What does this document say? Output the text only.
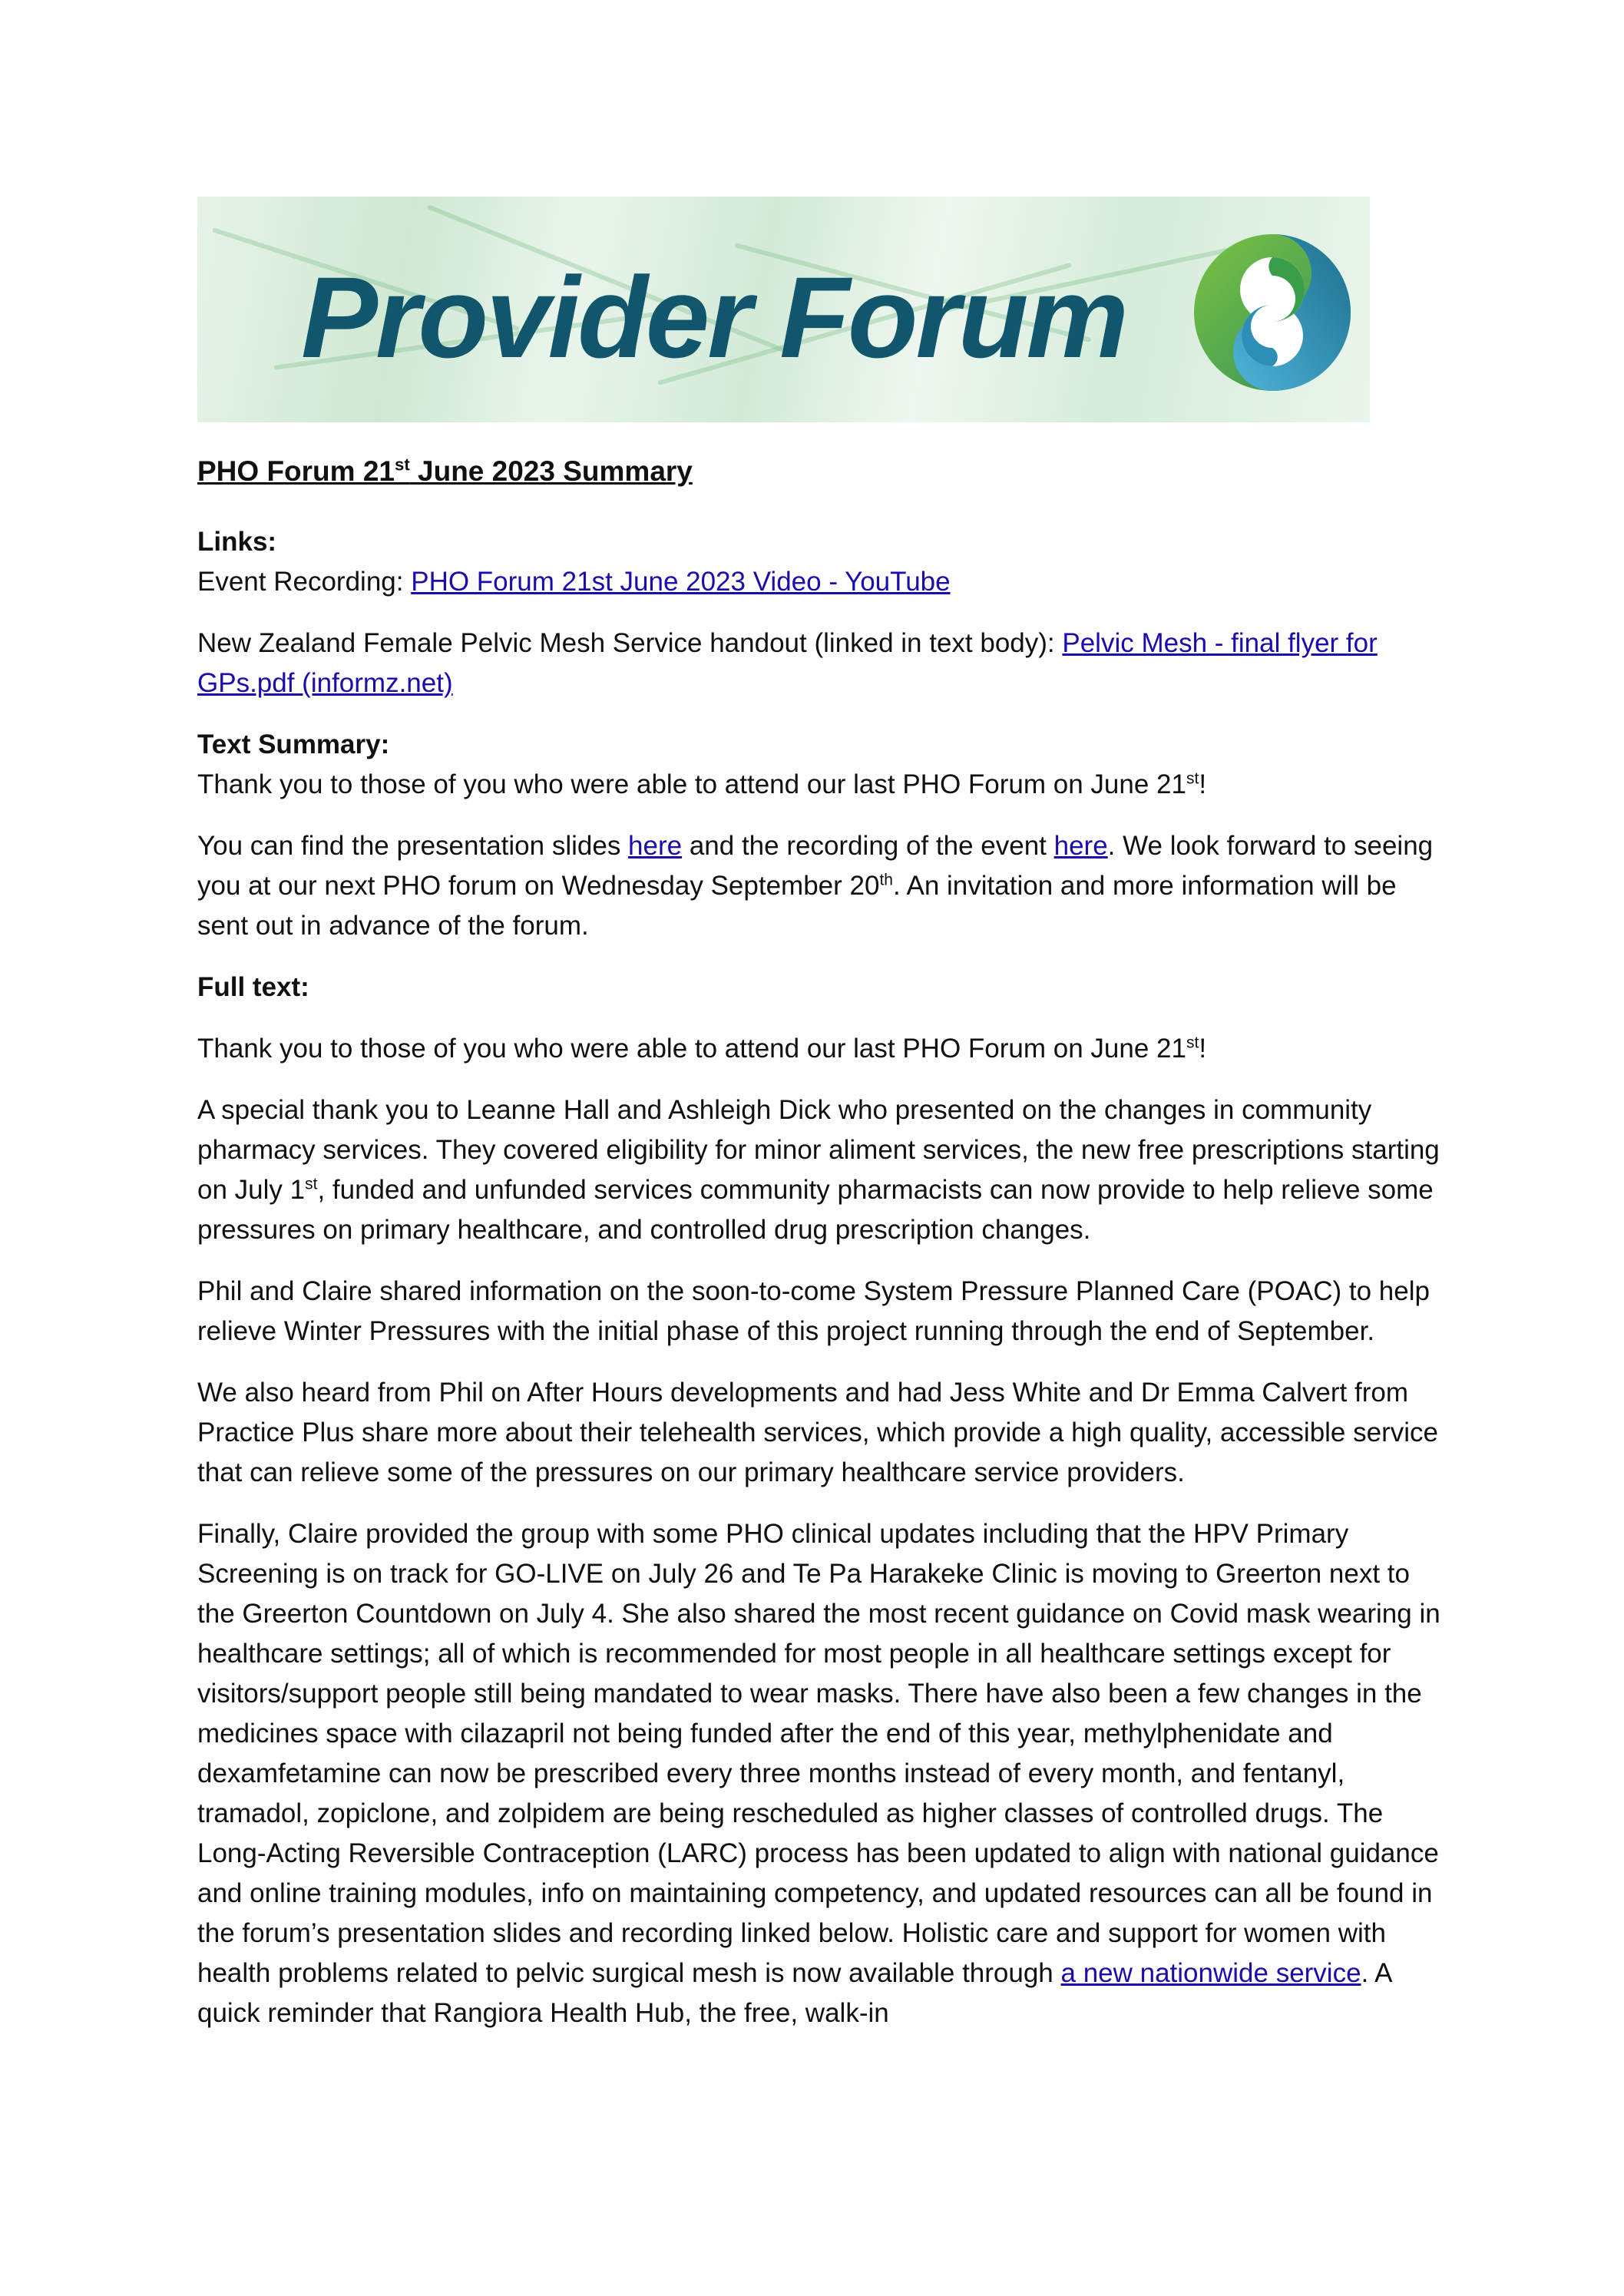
Provider Forum

PHO Forum 21st June 2023 Summary

Links:
Event Recording: PHO Forum 21st June 2023 Video - YouTube

New Zealand Female Pelvic Mesh Service handout (linked in text body): Pelvic Mesh - final flyer for GPs.pdf (informz.net)

Text Summary:
Thank you to those of you who were able to attend our last PHO Forum on June 21st!

You can find the presentation slides here and the recording of the event here. We look forward to seeing you at our next PHO forum on Wednesday September 20th. An invitation and more information will be sent out in advance of the forum.

Full text:

Thank you to those of you who were able to attend our last PHO Forum on June 21st!

A special thank you to Leanne Hall and Ashleigh Dick who presented on the changes in community pharmacy services. They covered eligibility for minor aliment services, the new free prescriptions starting on July 1st, funded and unfunded services community pharmacists can now provide to help relieve some pressures on primary healthcare, and controlled drug prescription changes.

Phil and Claire shared information on the soon-to-come System Pressure Planned Care (POAC) to help relieve Winter Pressures with the initial phase of this project running through the end of September.

We also heard from Phil on After Hours developments and had Jess White and Dr Emma Calvert from Practice Plus share more about their telehealth services, which provide a high quality, accessible service that can relieve some of the pressures on our primary healthcare service providers.

Finally, Claire provided the group with some PHO clinical updates including that the HPV Primary Screening is on track for GO-LIVE on July 26 and Te Pa Harakeke Clinic is moving to Greerton next to the Greerton Countdown on July 4. She also shared the most recent guidance on Covid mask wearing in healthcare settings; all of which is recommended for most people in all healthcare settings except for visitors/support people still being mandated to wear masks. There have also been a few changes in the medicines space with cilazapril not being funded after the end of this year, methylphenidate and dexamfetamine can now be prescribed every three months instead of every month, and fentanyl, tramadol, zopiclone, and zolpidem are being rescheduled as higher classes of controlled drugs. The Long-Acting Reversible Contraception (LARC) process has been updated to align with national guidance and online training modules, info on maintaining competency, and updated resources can all be found in the forum’s presentation slides and recording linked below. Holistic care and support for women with health problems related to pelvic surgical mesh is now available through a new nationwide service. A quick reminder that Rangiora Health Hub, the free, walk-in
